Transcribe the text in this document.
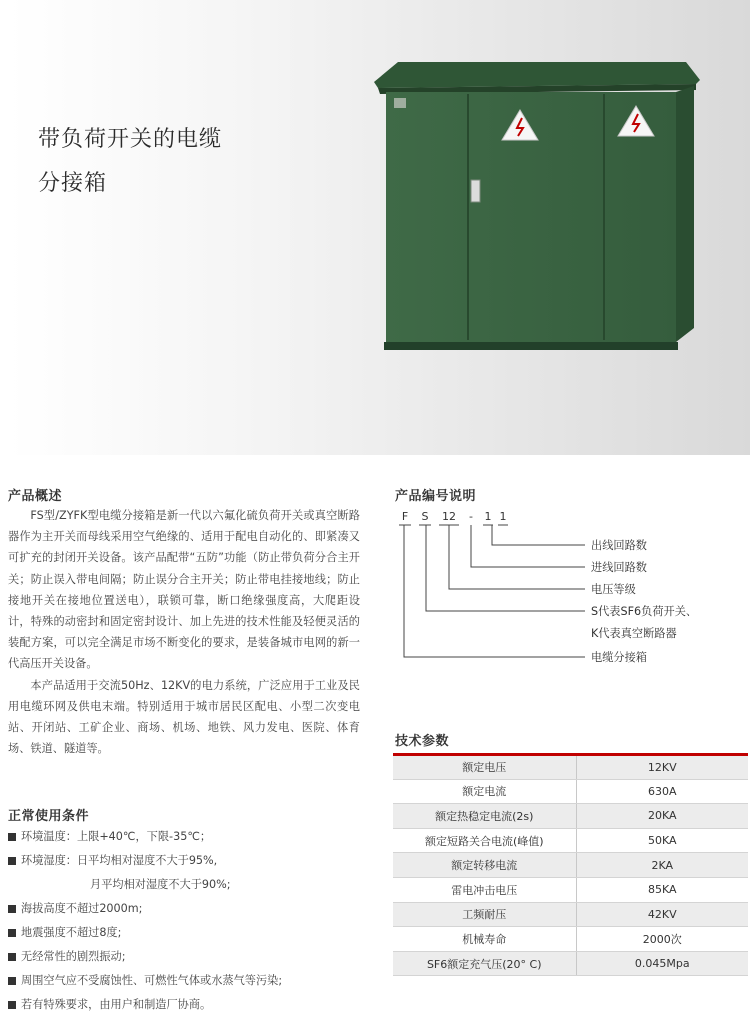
带负荷开关的电缆
分接箱
产品概述

FS型/ZYFK型电缆分接箱是新一代以六氟化硫负荷开关或真空断路器作为主开关而母线采用空气绝缘的、适用于配电自动化的、即紧凑又可扩充的封闭开关设备。该产品配带“五防”功能（防止带负荷分合主开关；防止误入带电间隔；防止误分合主开关；防止带电挂接地线；防止接地开关在接地位置送电），联锁可靠，断口绝缘强度高，大爬距设计，特殊的动密封和固定密封设计、加上先进的技术性能及轻便灵活的装配方案，可以完全满足市场不断变化的要求，是装备城市电网的新一代高压开关设备。

本产品适用于交流50Hz、12KV的电力系统，广泛应用于工业及民用电缆环网及供电末端。特别适用于城市居民区配电、小型二次变电站、开闭站、工矿企业、商场、机场、地铁、风力发电、医院、体育场、铁道、隧道等。

正常使用条件
环境温度：上限+40℃，下限-35℃；
环境湿度：日平均相对湿度不大于95%,
月平均相对湿度不大于90%;
海拔高度不超过2000m;
地震强度不超过8度;
无经常性的剧烈振动;
周围空气应不受腐蚀性、可燃性气体或水蒸气等污染;
若有特殊要求，由用户和制造厂协商。
产品编号说明
F S 12 - 1 1
出线回路数
进线回路数
电压等级
S代表SF6负荷开关、
K代表真空断路器
电缆分接箱
技术参数
额定电压	12KV
额定电流	630A
额定热稳定电流(2s)	20KA
额定短路关合电流(峰值)	50KA
额定转移电流	2KA
雷电冲击电压	85KA
工频耐压	42KV
机械寿命	2000次
SF6额定充气压(20° C)	0.045Mpa
